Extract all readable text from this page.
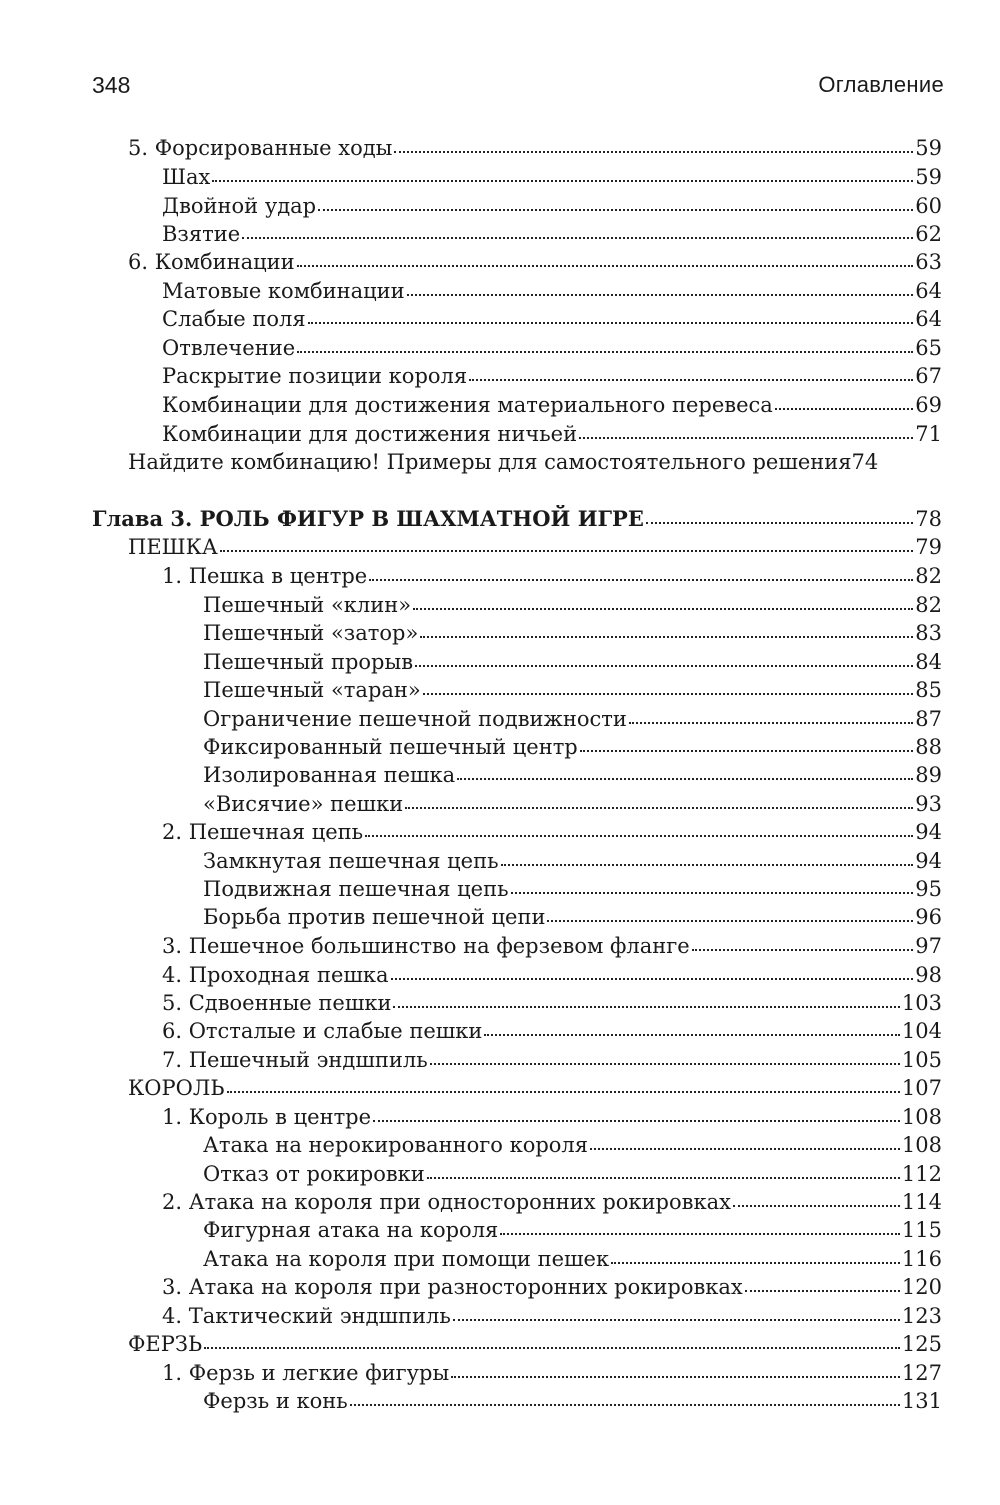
348	Оглавление
5. Форсированные ходы	59
Шах	59
Двойной удар	60
Взятие	62
6. Комбинации	63
Матовые комбинации	64
Слабые поля	64
Отвлечение	65
Раскрытие позиции короля	67
Комбинации для достижения материального перевеса	69
Комбинации для достижения ничьей	71
Найдите комбинацию! Примеры для самостоятельного решения 74
Глава 3. РОЛЬ ФИГУР В ШАХМАТНОЙ ИГРЕ	78
ПЕШКА	79
1. Пешка в центре	82
Пешечный «клин»	82
Пешечный «затор»	83
Пешечный прорыв	84
Пешечный «таран»	85
Ограничение пешечной подвижности	87
Фиксированный пешечный центр	88
Изолированная пешка	89
«Висячие» пешки	93
2. Пешечная цепь	94
Замкнутая пешечная цепь	94
Подвижная пешечная цепь	95
Борьба против пешечной цепи	96
3. Пешечное большинство на ферзевом фланге	97
4. Проходная пешка	98
5. Сдвоенные пешки	103
6. Отсталые и слабые пешки	104
7. Пешечный эндшпиль	105
КОРОЛЬ	107
1. Король в центре	108
Атака на нерокированного короля	108
Отказ от рокировки	112
2. Атака на короля при односторонних рокировках	114
Фигурная атака на короля	115
Атака на короля при помощи пешек	116
3. Атака на короля при разносторонних рокировках	120
4. Тактический эндшпиль	123
ФЕРЗЬ	125
1. Ферзь и легкие фигуры	127
Ферзь и конь	131
